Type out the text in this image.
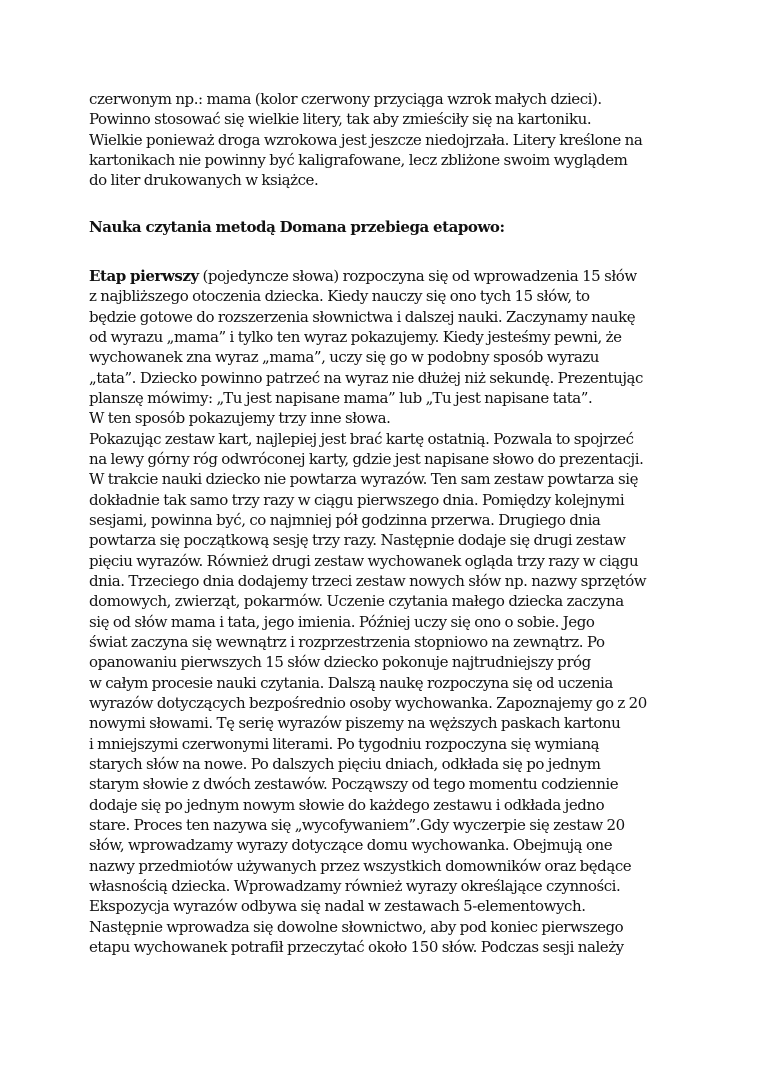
czerwonym np.: mama (kolor czerwony przyciąga wzrok małych dzieci).
Powinno stosować się wielkie litery, tak aby zmieściły się na kartoniku.
Wielkie ponieważ droga wzrokowa jest jeszcze niedojrzała. Litery kreślone na
kartonikach nie powinny być kaligrafowane, lecz zbliżone swoim wyglądem
do liter drukowanych w książce.
Nauka czytania metodą Domana przebiega etapowo:
Etap pierwszy (pojedyncze słowa) rozpoczyna się od wprowadzenia 15 słów
z najbliższego otoczenia dziecka. Kiedy nauczy się ono tych 15 słów, to
będzie gotowe do rozszerzenia słownictwa i dalszej nauki. Zaczynamy naukę
od wyrazu „mama” i tylko ten wyraz pokazujemy. Kiedy jesteśmy pewni, że
wychowanek zna wyraz „mama”, uczy się go w podobny sposób wyrazu
„tata”. Dziecko powinno patrzeć na wyraz nie dłużej niż sekundę. Prezentując
planszę mówimy: „Tu jest napisane mama” lub „Tu jest napisane tata”.
W ten sposób pokazujemy trzy inne słowa.
Pokazując zestaw kart, najlepiej jest brać kartę ostatnią. Pozwala to spojrzeć
na lewy górny róg odwróconej karty, gdzie jest napisane słowo do prezentacji.
W trakcie nauki dziecko nie powtarza wyrazów. Ten sam zestaw powtarza się
dokładnie tak samo trzy razy w ciągu pierwszego dnia. Pomiędzy kolejnymi
sesjami, powinna być, co najmniej pół godzinna przerwa. Drugiego dnia
powtarza się początkową sesję trzy razy. Następnie dodaje się drugi zestaw
pięciu wyrazów. Również drugi zestaw wychowanek ogląda trzy razy w ciągu
dnia. Trzeciego dnia dodajemy trzeci zestaw nowych słów np. nazwy sprzętów
domowych, zwierząt, pokarmów. Uczenie czytania małego dziecka zaczyna
się od słów mama i tata, jego imienia. Później uczy się ono o sobie. Jego
świat zaczyna się wewnątrz i rozprzestrzenia stopniowo na zewnątrz. Po
opanowaniu pierwszych 15 słów dziecko pokonuje najtrudniejszy próg
w całym procesie nauki czytania. Dalszą naukę rozpoczyna się od uczenia
wyrazów dotyczących bezpośrednio osoby wychowanka. Zapoznajemy go z 20
nowymi słowami. Tę serię wyrazów piszemy na węższych paskach kartonu
i mniejszymi czerwonymi literami. Po tygodniu rozpoczyna się wymianą
starych słów na nowe. Po dalszych pięciu dniach, odkłada się po jednym
starym słowie z dwóch zestawów. Począwszy od tego momentu codziennie
dodaje się po jednym nowym słowie do każdego zestawu i odkłada jedno
stare. Proces ten nazywa się „wycofywaniem”.Gdy wyczerpie się zestaw 20
słów, wprowadzamy wyrazy dotyczące domu wychowanka. Obejmują one
nazwy przedmiotów używanych przez wszystkich domowników oraz będące
własnością dziecka. Wprowadzamy również wyrazy określające czynności.
Ekspozycja wyrazów odbywa się nadal w zestawach 5-elementowych.
Następnie wprowadza się dowolne słownictwo, aby pod koniec pierwszego
etapu wychowanek potrafił przeczytać około 150 słów. Podczas sesji należy
